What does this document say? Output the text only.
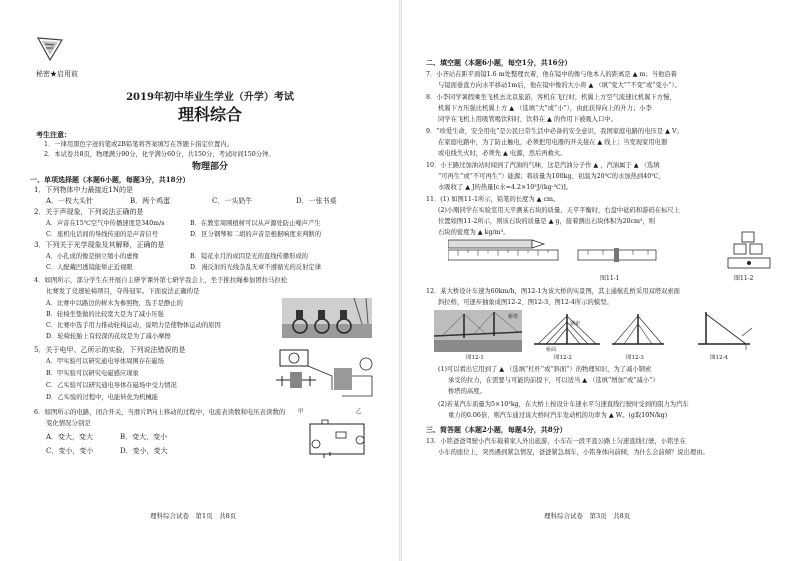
秘密★启用前
2019年初中毕业生学业（升学）考试
理科综合
考生注意：
1．一律用黑色字迹的笔或2B铅笔将答案填写在答题卡指定位置内。
2．本试卷共8页，物理满分90分，化学满分60分，共150分，考试时间150分钟。
物理部分
一、单项选择题（本题6小题，每题3分，共18分）
1．下列物体中力最接近1N的是
A．一枚大头针	B．两个鸡蛋	C．一头奶牛	D．一张书桌
2．关于声现象，下列说法正确的是
A．声音在15℃空气中传播速度是340m/s	B．在教室周围植树可以从声源处防止噪声产生
C．座机电话间的导线传递的是声音信号	D．区分钢琴和二胡的声音是根据响度来判断的
3．下列关于光学现象及其解释，正确的是
A．小孔成的像是倒立缩小的虚像	B．镜花水月的成因是光的直线传播形成的
C．人配戴凹透镜能矫正近视眼	D．漫反射的光线杂乱无章不遵循光的反射定律
4．如图所示，部分学生在开展自主研学课外第七研学我会上，坐于推拉绳参加团拉马拉松
比赛发了竞速轮椅项目，夺得冠军。下面说法正确的是
A．比赛中以路边的树木为参照物，选手是静止的
B．轮椅坐垫做的比较宽大是为了减小压强
C．比赛中选手用力推动轮椅运动，说明力是使物体运动的原因
D．轮椅轮胎上有较深的花纹是为了减小摩擦
5．关于电甲、乙所示的实验，下列说法错误的是
A．甲实验可以研究通电导体周围存在磁场
B．甲实验可以研究电磁感应现象
C．乙实验可以研究通电导体在磁场中受力情况
D．乙实验的过程中，电能转化为机械能
甲	乙
6．如图所示的电路，闭合开关，当滑片P向上移动的过程中，电流表读数和电压表读数的
变化情况分别是
A．变大，变大	B．变大，变小
C．变小，变小	D．变小，变大
理科综合试卷　第1页　共8页
二、填空题（本题6小题，每空1分，共16分）
7．小齐站在距平面镜1.6 m处整理衣着，他在镜中的像与他本人的距离是 ▲ m；当他沿着
与镜面垂直方向水平移动1m后，他在镜中像的大小将 ▲ （填“变大”“不变”或“变小”）。
8．小李同学暑假乘坐飞机去北京旅游，客机在飞行时，机翼上方空气流速比机翼下方慢，
机翼下方压强比机翼上方 ▲ （选填“大”或“小”），由此获得向上的升力；小李
同学在飞机上用吸管喝饮料时，饮料在 ▲ 的作用下被吸入口中。
9．“珍爱生命，安全用电”是公民日常生活中必备的安全意识，我国家庭电路的电压是 ▲ V；
在家庭电路中，为了防止触电，必须把用电器的开关接在 ▲ 线上；当发现家用电器
或电线失火时，必须先 ▲ 电源，然后再救火。
10．小王路过加油站时闻到了汽油的气味，这是汽油分子作 ▲ ，汽油属于 ▲ （选填
“可再生”或“不可再生”）能源；将质量为100kg、初温为20℃的水加热到40℃，
水吸收了 ▲ J的热量[c水=4.2×10³J/(kg·℃)]。
11．(1) 如图11-1所示，铅笔的长度为 ▲ cm。
(2)小刚同学在实验室用天平测某石块的质量，天平平衡时，右盘中砝码和游码在标尺上
位置如图11-2所示，则该石块的质量是 ▲ g，接着测出石块体积为20cm³，则
石块的密度为 ▲ kg/m³。
图11-1	图11-2
12．某大桥设计车速为60km/h，图12-1为该大桥的实景图，其主通航孔桥采用双塔双索面
斜拉桥，可逐步抽象成图12-2、图12-3、图12-4所示的模型。
桥塔
钢索
桥面
图12-1	图12-2	图12-3	图12-4
(1)可以看出它用到了 ▲ （选填“杠杆”或“斜面”）的物理知识，为了减小钢索
承受的拉力，在需要与可能的前提下，可以适当 ▲ （选填“增加”或“减小”）
桥塔的高度。
(2)若某汽车质量为5×10³kg，在大桥上按设计车速水平匀速直线行驶时受到的阻力为汽车
重力的0.06倍，则汽车通过该大桥时汽车发动机的功率为 ▲ W。(g取10N/kg)
三、简答题（本题2小题，每题4分，共8分）
13．小铭爸爸驾驶小汽车载着家人外出旅游，小车在一段平直公路上匀速直线行驶，小铭坐在
小车的座位上，突然遇到紧急情况，爸爸紧急刹车，小铭身体向前倾，为什么会前倾？说出理由。
理科综合试卷　第3页　共8页
